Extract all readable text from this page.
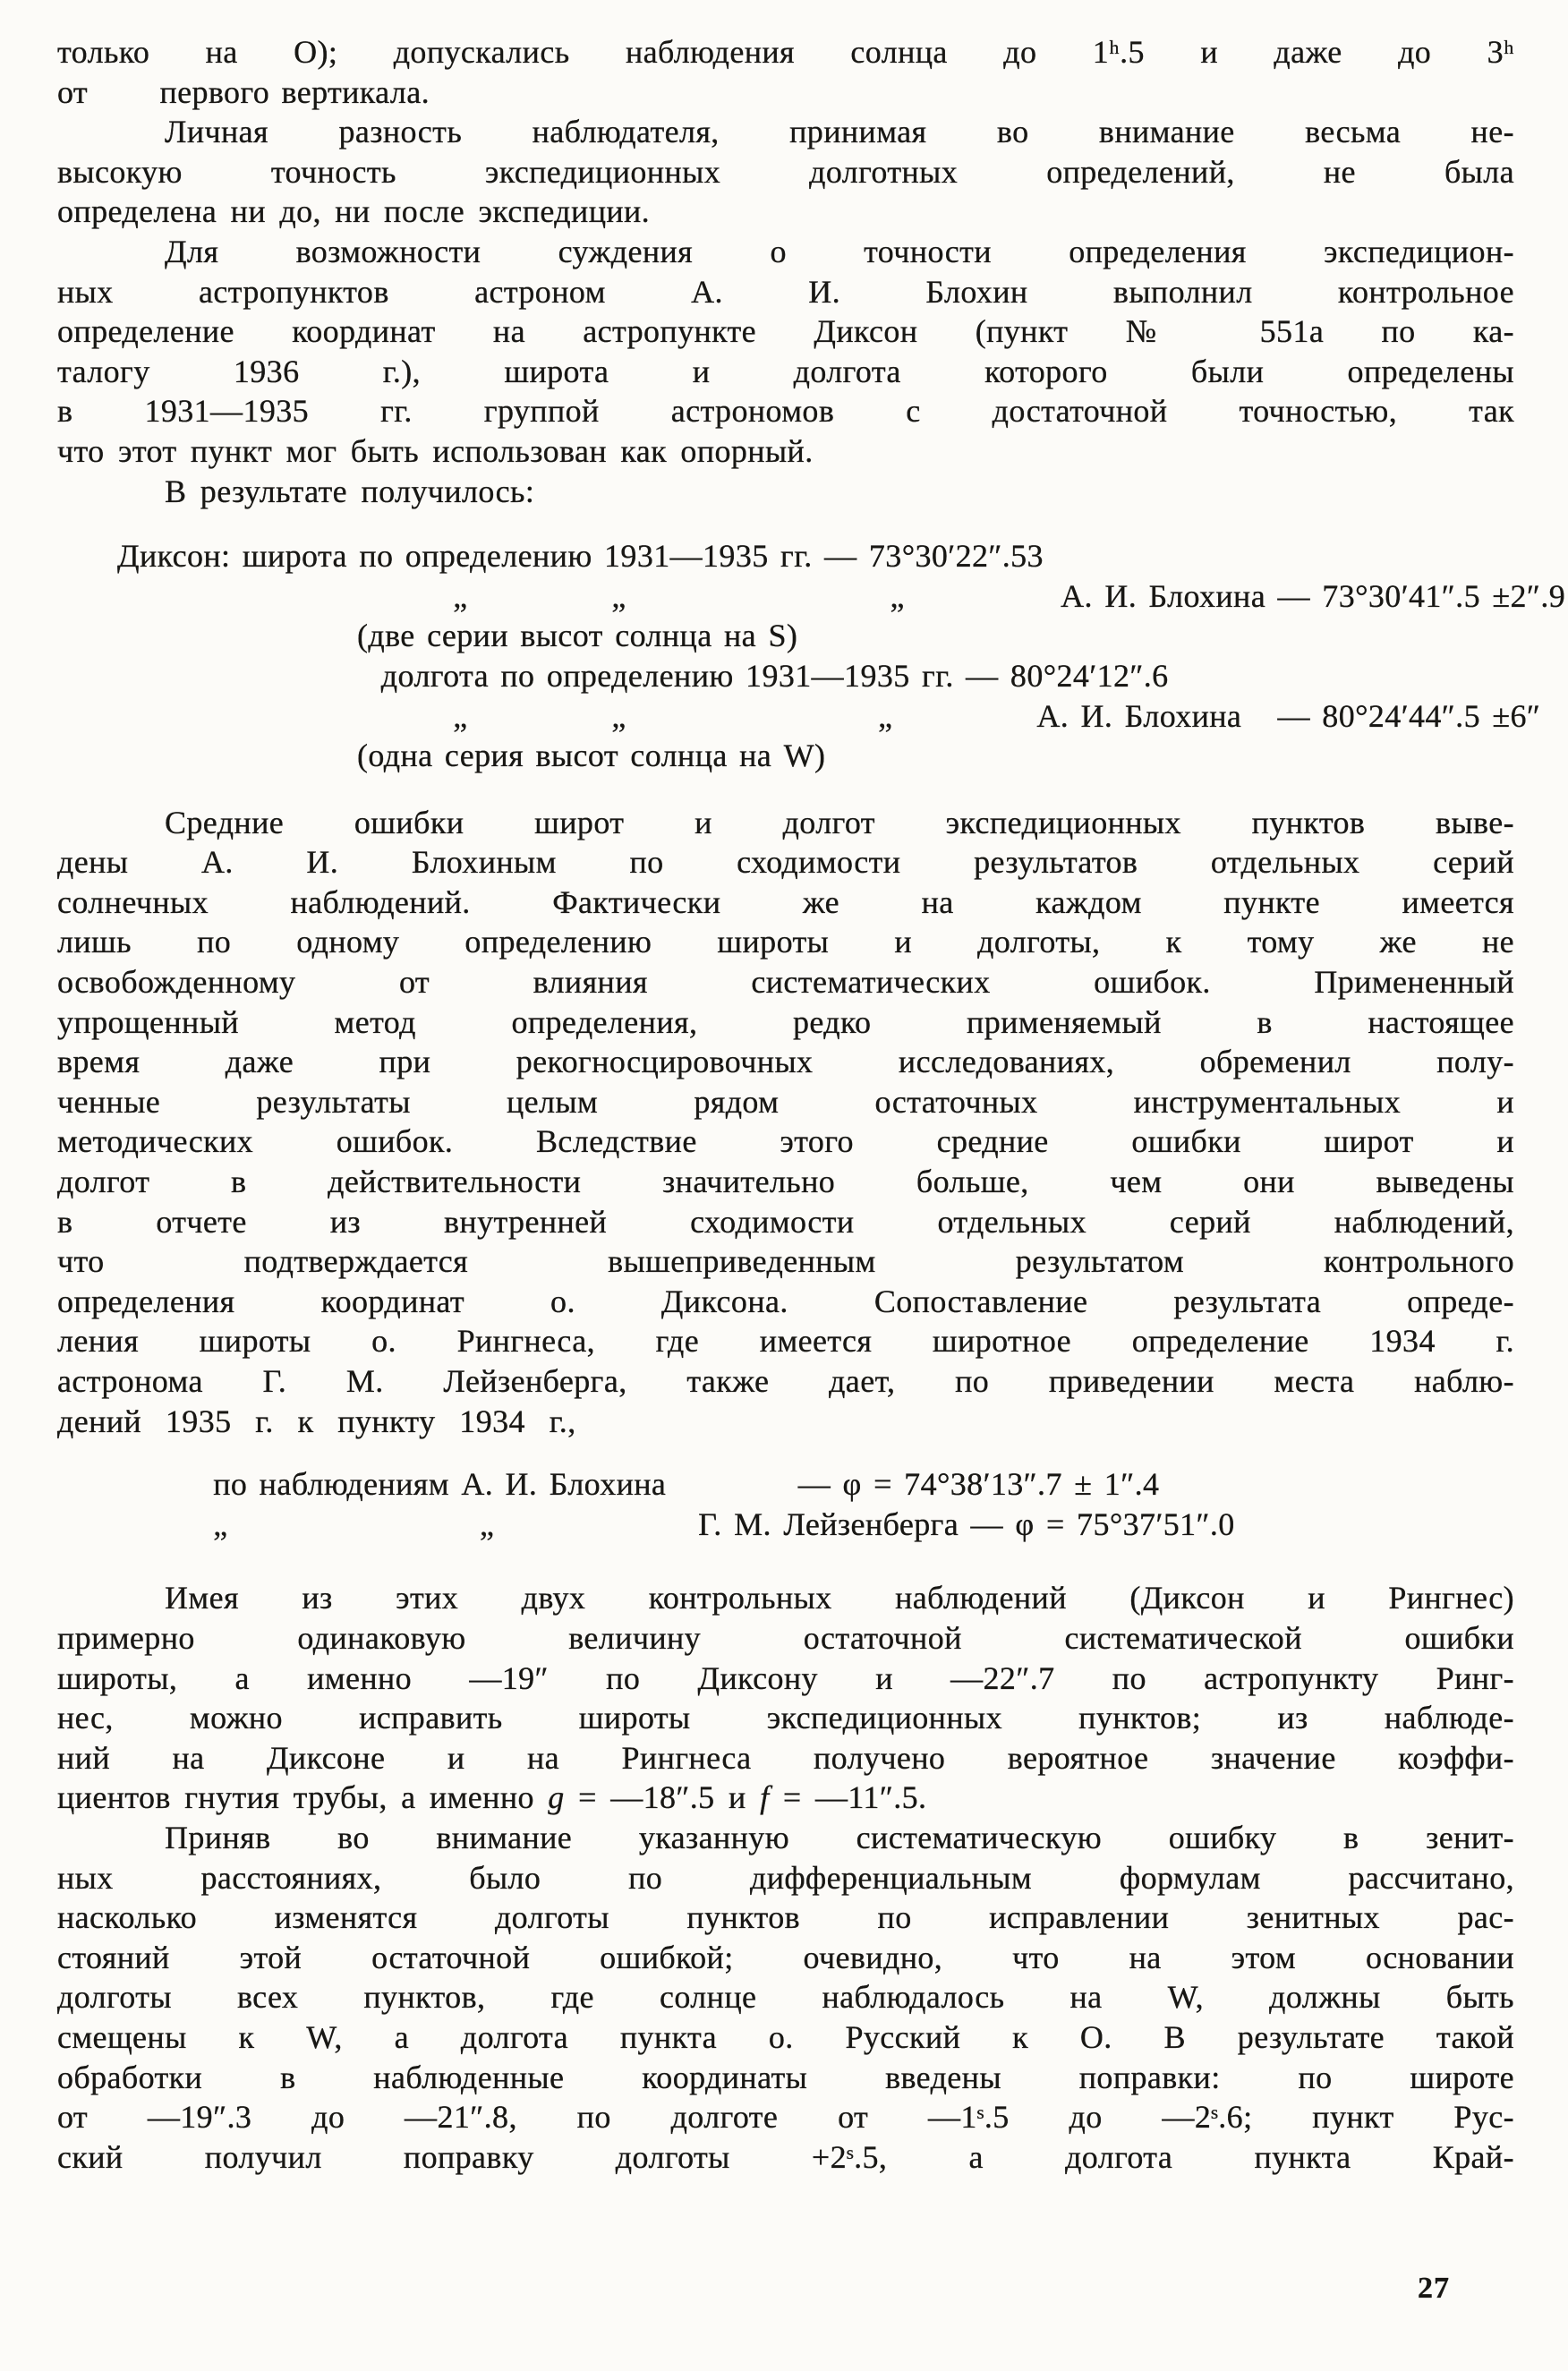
только на O); допускались наблюдения солнца до 1ʰ.5 и даже до 3ʰ
от      первого вертикала.
Личная разность наблюдателя, принимая во внимание весьма не-
высокую точность экспедиционных долготных определений, не была
определена ни до, ни после экспедиции.
Для возможности суждения о точности определения экспедицион-
ных астропунктов астроном А. И. Блохин выполнил контрольное
определение координат на астропункте Диксон (пункт № 551а по ка-
талогу 1936 г.), широта и долгота которого были определены
в 1931—1935 гг. группой астрономов с достаточной точностью, так
что этот пункт мог быть использован как опорный.
В результате получилось:
Диксон: широта по определению 1931—1935 гг. — 73°30′22″.53
„            „                      „             А. И. Блохина — 73°30′41″.5 ±2″.9
(две серии высот солнца на S)
долгота по определению 1931—1935 гг. — 80°24′12″.6
„            „                     „            А. И. Блохина   — 80°24′44″.5 ±6″
(одна серия высот солнца на W)
Средние ошибки широт и долгот экспедиционных пунктов выве-
дены А. И. Блохиным по сходимости результатов отдельных серий
солнечных наблюдений. Фактически же на каждом пункте имеется
лишь по одному определению широты и долготы, к тому же не
освобожденному от влияния систематических ошибок. Примененный
упрощенный метод определения, редко применяемый в настоящее
время даже при рекогносцировочных исследованиях, обременил полу-
ченные результаты целым рядом остаточных инструментальных и
методических ошибок. Вследствие этого средние ошибки широт и
долгот в действительности значительно больше, чем они выведены
в отчете из внутренней сходимости отдельных серий наблюдений,
что подтверждается вышеприведенным результатом контрольного
определения координат о. Диксона. Сопоставление результата опреде-
ления широты о. Рингнеса, где имеется широтное определение 1934 г.
астронома Г. М. Лейзенберга, также дает, по приведении места наблю-
дений  1935  г.  к  пункту  1934  г.,
по наблюдениям А. И. Блохина           — φ = 74°38′13″.7 ± 1″.4
„                     „                 Г. М. Лейзенберга — φ = 75°37′51″.0
Имея из этих двух контрольных наблюдений (Диксон и Рингнес)
примерно одинаковую величину остаточной систематической ошибки
широты, а именно —19″ по Диксону и —22″.7 по астропункту Ринг-
нес, можно исправить широты экспедиционных пунктов; из наблюде-
ний на Диксоне и на Рингнеса получено вероятное значение коэффи-
циентов гнутия трубы, а именно g = —18″.5 и f = —11″.5.
Приняв во внимание указанную систематическую ошибку в зенит-
ных расстояниях, было по дифференциальным формулам рассчитано,
насколько изменятся долготы пунктов по исправлении зенитных рас-
стояний этой остаточной ошибкой; очевидно, что на этом основании
долготы всех пунктов, где солнце наблюдалось на W, должны быть
смещены к W, а долгота пункта о. Русский к О. В результате такой
обработки в наблюденные координаты введены поправки: по широте
от —19″.3 до —21″.8, по долготе от —1ˢ.5 до —2ˢ.6; пункт Рус-
ский получил поправку долготы +2ˢ.5, а долгота пункта Край-
27
